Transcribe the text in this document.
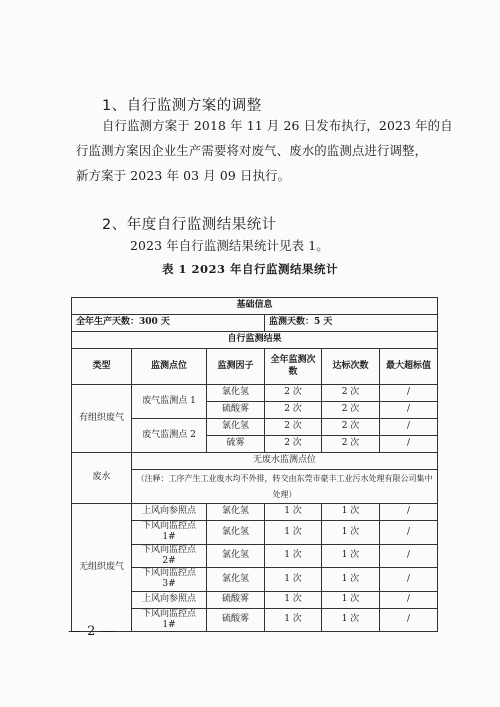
1、自行监测方案的调整
自行监测方案于 2018 年 11 月 26 日发布执行，2023 年的自
行监测方案因企业生产需要将对废气、废水的监测点进行调整，
新方案于 2023 年 03 月 09 日执行。
2、年度自行监测结果统计
2023 年自行监测结果统计见表 1。
表 1 2023 年自行监测结果统计
基础信息					
全年生产天数：300 天			监测天数：5 天		
自行监测结果					
类型	监测点位	监测因子	全年监测次数	达标次数	最大超标值
有组织废气	废气监测点 1	氯化氢	2 次	2 次	/
		硫酸雾	2 次	2 次	/
	废气监测点 2	氯化氢	2 次	2 次	/
		硫雾	2 次	2 次	/
废水	无废水监测点位				
	（注释：工序产生工业废水均不外排，转交由东莞市豪丰工业污水处理有限公司集中处理）				
无组织废气	上风向参照点	氯化氢	1 次	1 次	/
	下风向监控点 1#	氯化氢	1 次	1 次	/
	下风向监控点 2#	氯化氢	1 次	1 次	/
	下风向监控点 3#	氯化氢	1 次	1 次	/
	上风向参照点	硫酸雾	1 次	1 次	/
	下风向监控点 1#	硫酸雾	1 次	1 次	/
— 2 —
